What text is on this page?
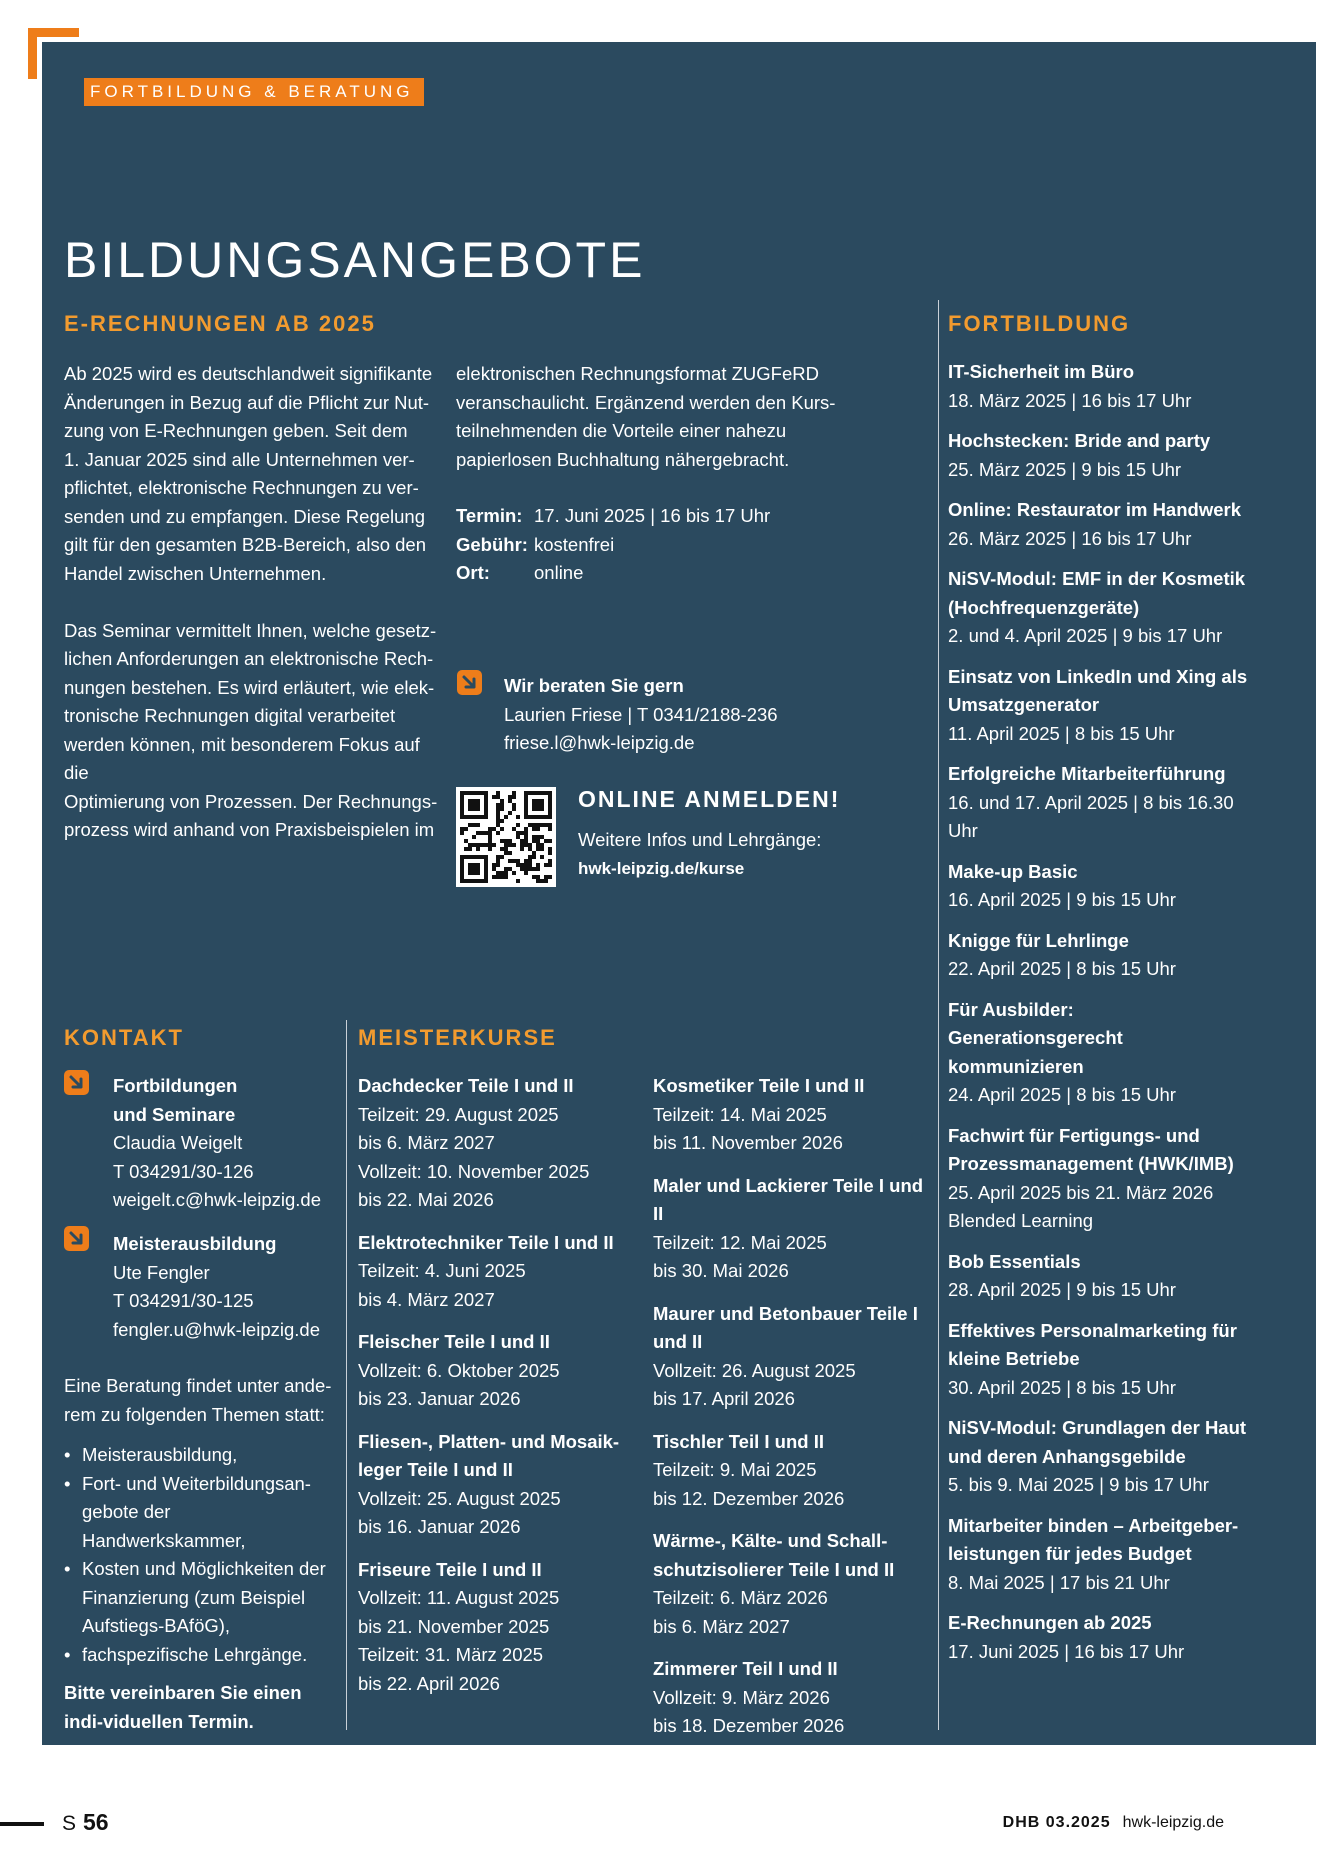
FORTBILDUNG & BERATUNG
BILDUNGSANGEBOTE
E-RECHNUNGEN AB 2025

Ab 2025 wird es deutschlandweit signifikante

Änderungen in Bezug auf die Pflicht zur Nut-

zung von E-Rechnungen geben. Seit dem

1. Januar 2025 sind alle Unternehmen ver-

pflichtet, elektronische Rechnungen zu ver-

senden und zu empfangen. Diese Regelung

gilt für den gesamten B2B-Bereich, also den

Handel zwischen Unternehmen.

Das Seminar vermittelt Ihnen, welche gesetz-

lichen Anforderungen an elektronische Rech-

nungen bestehen. Es wird erläutert, wie elek-

tronische Rechnungen digital verarbeitet

werden können, mit besonderem Fokus auf die

Optimierung von Prozessen. Der Rechnungs-

prozess wird anhand von Praxisbeispielen im

elektronischen Rechnungsformat ZUGFeRD

veranschaulicht. Ergänzend werden den Kurs-

teilnehmenden die Vorteile einer nahezu

papierlosen Buchhaltung nähergebracht.

Termin: 17. Juni 2025 | 16 bis 17 Uhr
Gebühr: kostenfrei
Ort:	online

Wir beraten Sie gern

Laurien Friese | T 0341/2188-236

friese.l@hwk-leipzig.de

ONLINE ANMELDEN!

Weitere Infos und Lehrgänge:

hwk-leipzig.de/kurse

FORTBILDUNG
IT-Sicherheit im Büro
18. März 2025 | 16 bis 17 Uhr
Hochstecken: Bride and party
25. März 2025 | 9 bis 15 Uhr
Online: Restaurator im Handwerk
26. März 2025 | 16 bis 17 Uhr
NiSV-Modul: EMF in der Kosmetik (Hochfrequenzgeräte)
2. und 4. April 2025 | 9 bis 17 Uhr
Einsatz von LinkedIn und Xing als Umsatzgenerator
11. April 2025 | 8 bis 15 Uhr
Erfolgreiche Mitarbeiterführung
16. und 17. April 2025 | 8 bis 16.30 Uhr
Make-up Basic
16. April 2025 | 9 bis 15 Uhr
Knigge für Lehrlinge
22. April 2025 | 8 bis 15 Uhr
Für Ausbilder: Generationsgerecht kommunizieren
24. April 2025 | 8 bis 15 Uhr
Fachwirt für Fertigungs- und Prozessmanagement (HWK/IMB)
25. April 2025 bis 21. März 2026
Blended Learning
Bob Essentials
28. April 2025 | 9 bis 15 Uhr
Effektives Personalmarketing für kleine Betriebe
30. April 2025 | 8 bis 15 Uhr
NiSV-Modul: Grundlagen der Haut und deren Anhangsgebilde
5. bis 9. Mai 2025 | 9 bis 17 Uhr
Mitarbeiter binden – Arbeitgeber-leistungen für jedes Budget
8. Mai 2025 | 17 bis 21 Uhr
E-Rechnungen ab 2025
17. Juni 2025 | 16 bis 17 Uhr
KONTAKT

Fortbildungen

und Seminare

Claudia Weigelt

T 034291/30-126

weigelt.c@hwk-leipzig.de

Meisterausbildung

Ute Fengler

T 034291/30-125

fengler.u@hwk-leipzig.de

Eine Beratung findet unter ande-

rem zu folgenden Themen statt:

• Meisterausbildung,
• Fort- und Weiterbildungsan-gebote der Handwerkskammer,
• Kosten und Möglichkeiten der Finanzierung (zum Beispiel Aufstiegs-BAföG),
• fachspezifische Lehrgänge.

Bitte vereinbaren Sie einen indi-viduellen Termin.

MEISTERKURSE
Dachdecker Teile I und II
Teilzeit: 29. August 2025
bis 6. März 2027
Vollzeit: 10. November 2025
bis 22. Mai 2026
Elektrotechniker Teile I und II
Teilzeit: 4. Juni 2025
bis 4. März 2027
Fleischer Teile I und II
Vollzeit: 6. Oktober 2025
bis 23. Januar 2026
Fliesen-, Platten- und Mosaik-leger Teile I und II
Vollzeit: 25. August 2025
bis 16. Januar 2026
Friseure Teile I und II
Vollzeit: 11. August 2025
bis 21. November 2025
Teilzeit: 31. März 2025
bis 22. April 2026
Kosmetiker Teile I und II
Teilzeit: 14. Mai 2025
bis 11. November 2026
Maler und Lackierer Teile I und II
Teilzeit: 12. Mai 2025
bis 30. Mai 2026
Maurer und Betonbauer Teile I und II
Vollzeit: 26. August 2025
bis 17. April 2026
Tischler Teil I und II
Teilzeit: 9. Mai 2025
bis 12. Dezember 2026
Wärme-, Kälte- und Schall-schutzisolierer Teile I und II
Teilzeit: 6. März 2026
bis 6. März 2027
Zimmerer Teil I und II
Vollzeit: 9. März 2026
bis 18. Dezember 2026
S 56	DHB 03.2025 hwk-leipzig.de
